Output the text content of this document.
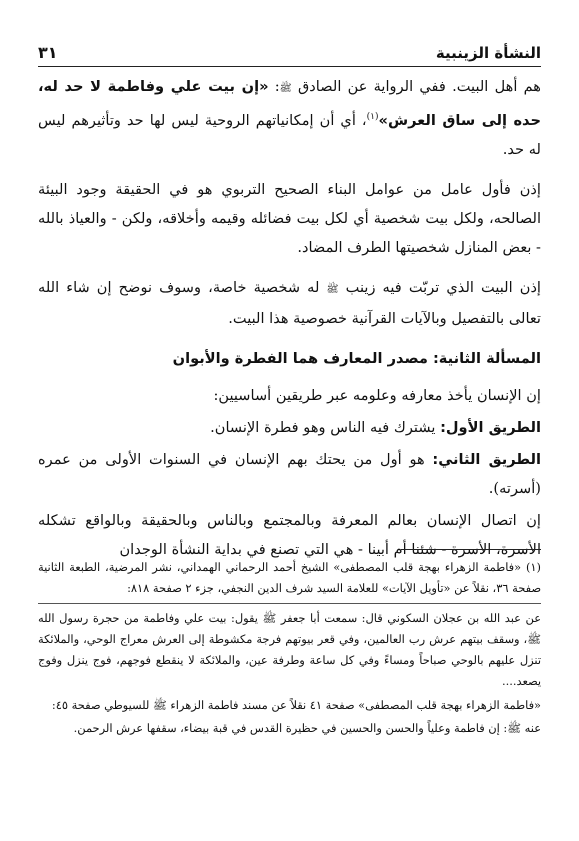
النشأة الزينبية
٣١

هم أهل البيت. ففي الرواية عن الصادق ﷺ: «إن بيت علي وفاطمة لا حد له، حده إلى ساق العرش»$^{(١)}$، أي أن إمكانياتهم الروحية ليس لها حد وتأثيرهم ليس له حد.

إذن فأول عامل من عوامل البناء الصحيح التربوي هو في الحقيقة وجود البيئة الصالحه، ولكل بيت شخصية أي لكل بيت فضائله وقيمه وأخلاقه، ولكن - والعياذ بالله - بعض المنازل شخصيتها الطرف المضاد.

إذن البيت الذي تربّت فيه زينب ﷺ له شخصية خاصة، وسوف نوضح إن شاء الله تعالى بالتفصيل وبالآيات القرآنية خصوصية هذا البيت.

المسألة الثانية: مصدر المعارف هما الفطرة والأبوان

إن الإنسان يأخذ معارفه وعلومه عبر طريقين أساسيين:

الطريق الأول: يشترك فيه الناس وهو فطرة الإنسان.

الطريق الثاني: هو أول من يحتك بهم الإنسان في السنوات الأولى من عمره (أسرته).

إن اتصال الإنسان بعالم المعرفة وبالمجتمع وبالناس وبالحقيقة وبالواقع تشكله الأسرة، الأسرة - شئنا أم أبينا - هي التي تصنع في بداية النشأة الوجدان

(١) «فاطمة الزهراء بهجة قلب المصطفى» الشيخ أحمد الرحماني الهمداني، نشر المرضية، الطبعة الثانية صفحة ٣٦، نقلاً عن «تأويل الآيات» للعلامة السيد شرف الدين النجفي، جزء ٢ صفحة ٨١٨:

عن عبد الله بن عجلان السكوني قال: سمعت أبا جعفر ﷺ يقول: بيت علي وفاطمة من حجرة رسول الله ﷺ، وسقف بيتهم عرش رب العالمين، وفي قعر بيوتهم فرجة مكشوطة إلى العرش معراج الوحي، والملائكة تنزل عليهم بالوحي صباحاً ومساءً وفي كل ساعة وطرفة عين، والملائكة لا ينقطع فوجهم، فوج ينزل وفوج يصعد....

«فاطمة الزهراء بهجة قلب المصطفى» صفحة ٤١ نقلاً عن مسند فاطمة الزهراء ﷺ للسيوطي صفحة ٤٥:

عنه ﷺ: إن فاطمة وعلياً والحسن والحسين في حظيرة القدس في قبة بيضاء، سقفها عرش الرحمن.
